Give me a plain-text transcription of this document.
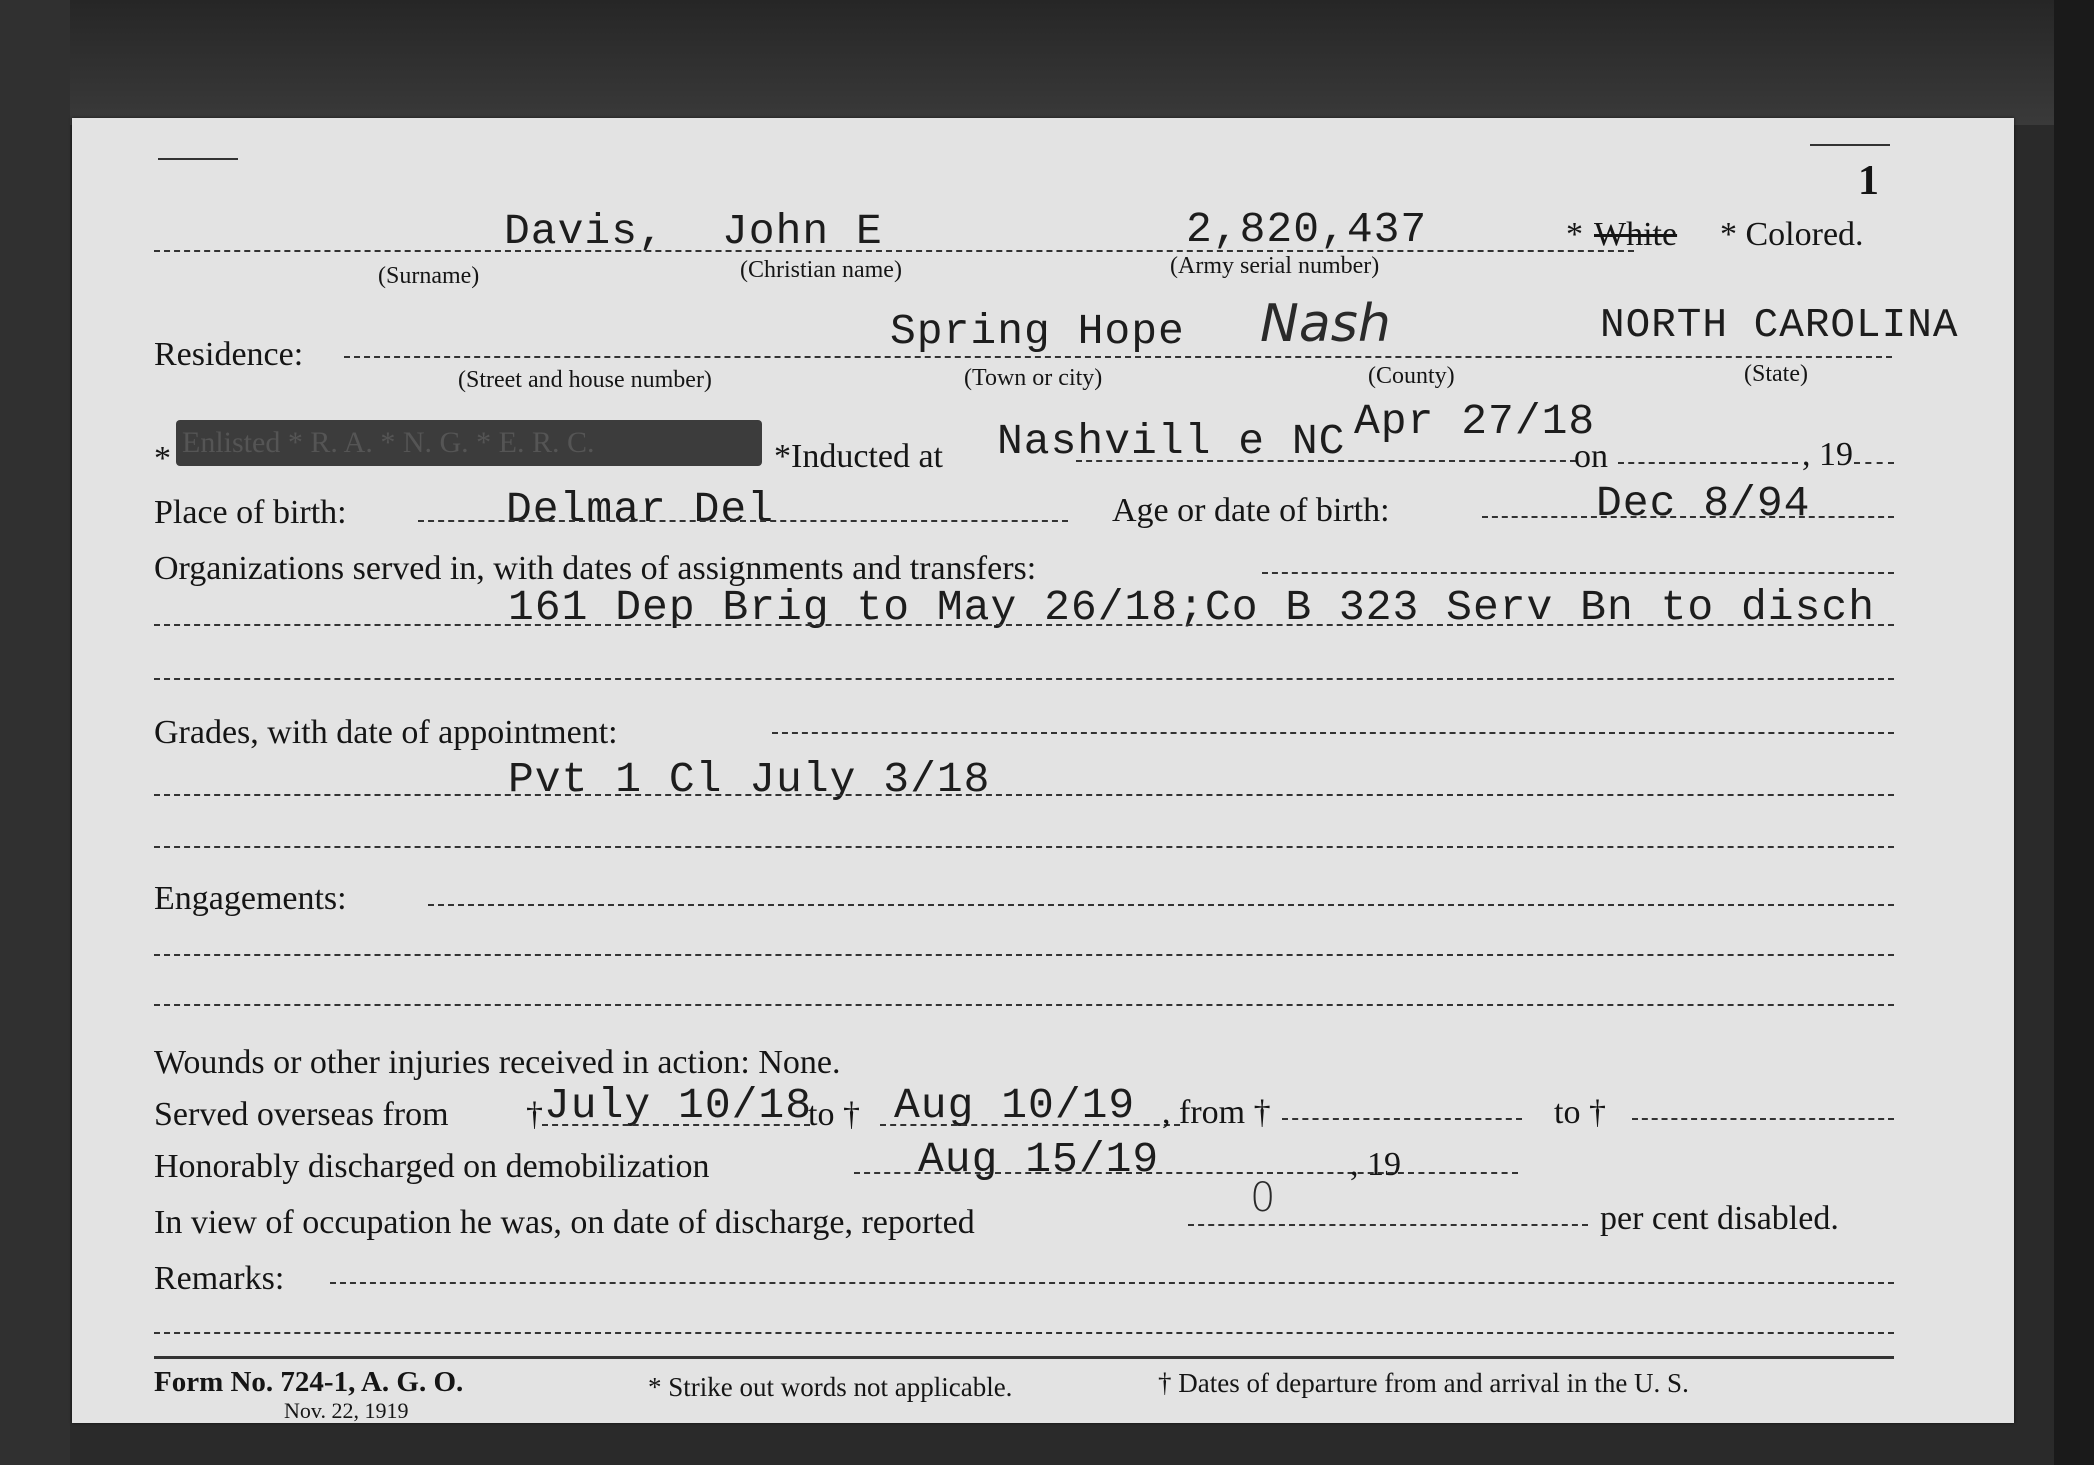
1
Davis, John E	2,820,437	* White * Colored.
(Surname)	(Christian name)	(Army serial number)
Residence:	Spring Hope Nash	NORTH CAROLINA
(Street and house number)	(Town or city)	(County)	(State)
* Enlisted * R. A. * N. G. * E. R. C.	*Inducted at Nashvill e NC Apr 27/18
on	, 19
Place of birth:	Delmar Del	Age or date of birth:	Dec 8/94
Organizations served in, with dates of assignments and transfers:
161 Dep Brig to May 26/18;Co B 323 Serv Bn to disch
Grades, with date of appointment:
Pvt 1 Cl July 3/18
Engagements:
Wounds or other injuries received in action: None.
Served overseas from † July 10/18
to † Aug 10/19 , from †	to †
Honorably discharged on demobilization	Aug 15/19	, 19
In view of occupation he was, on date of discharge, reported
0	per cent disabled.
Remarks:
Form No. 724-1, A. G. O.
Nov. 22, 1919
* Strike out words not applicable.	† Dates of departure from and arrival in the U. S.
